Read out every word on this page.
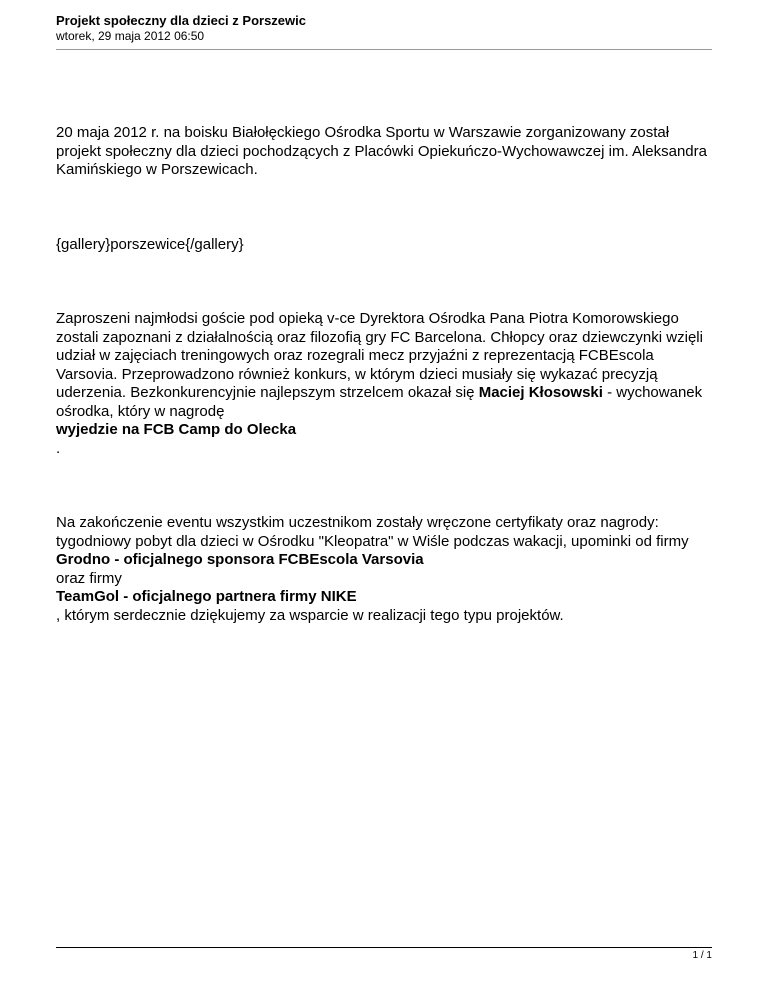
Projekt społeczny dla dzieci z Porszewic
wtorek, 29 maja 2012 06:50

20 maja 2012 r. na boisku Białołęckiego Ośrodka Sportu w Warszawie zorganizowany został projekt społeczny dla dzieci pochodzących z Placówki Opiekuńczo-Wychowawczej im. Aleksandra Kamińskiego w Porszewicach.

{gallery}porszewice{/gallery}

Zaproszeni najmłodsi goście pod opieką v-ce Dyrektora Ośrodka Pana Piotra Komorowskiego zostali zapoznani z działalnością oraz filozofią gry FC Barcelona. Chłopcy oraz dziewczynki wzięli udział w zajęciach treningowych oraz rozegrali mecz przyjaźni z reprezentacją FCBEscola Varsovia. Przeprowadzono również konkurs, w którym dzieci musiały się wykazać precyzją uderzenia. Bezkonkurencyjnie najlepszym strzelcem okazał się Maciej Kłosowski - wychowanek ośrodka, który w nagrodę
wyjedzie na FCB Camp do Olecka
.

Na zakończenie eventu wszystkim uczestnikom zostały wręczone certyfikaty oraz nagrody: tygodniowy pobyt dla dzieci w Ośrodku "Kleopatra" w Wiśle podczas wakacji, upominki od firmy
Grodno - oficjalnego sponsora FCBEscola Varsovia
oraz firmy
TeamGol - oficjalnego partnera firmy NIKE
, którym serdecznie dziękujemy za wsparcie w realizacji tego typu projektów.

1 / 1
